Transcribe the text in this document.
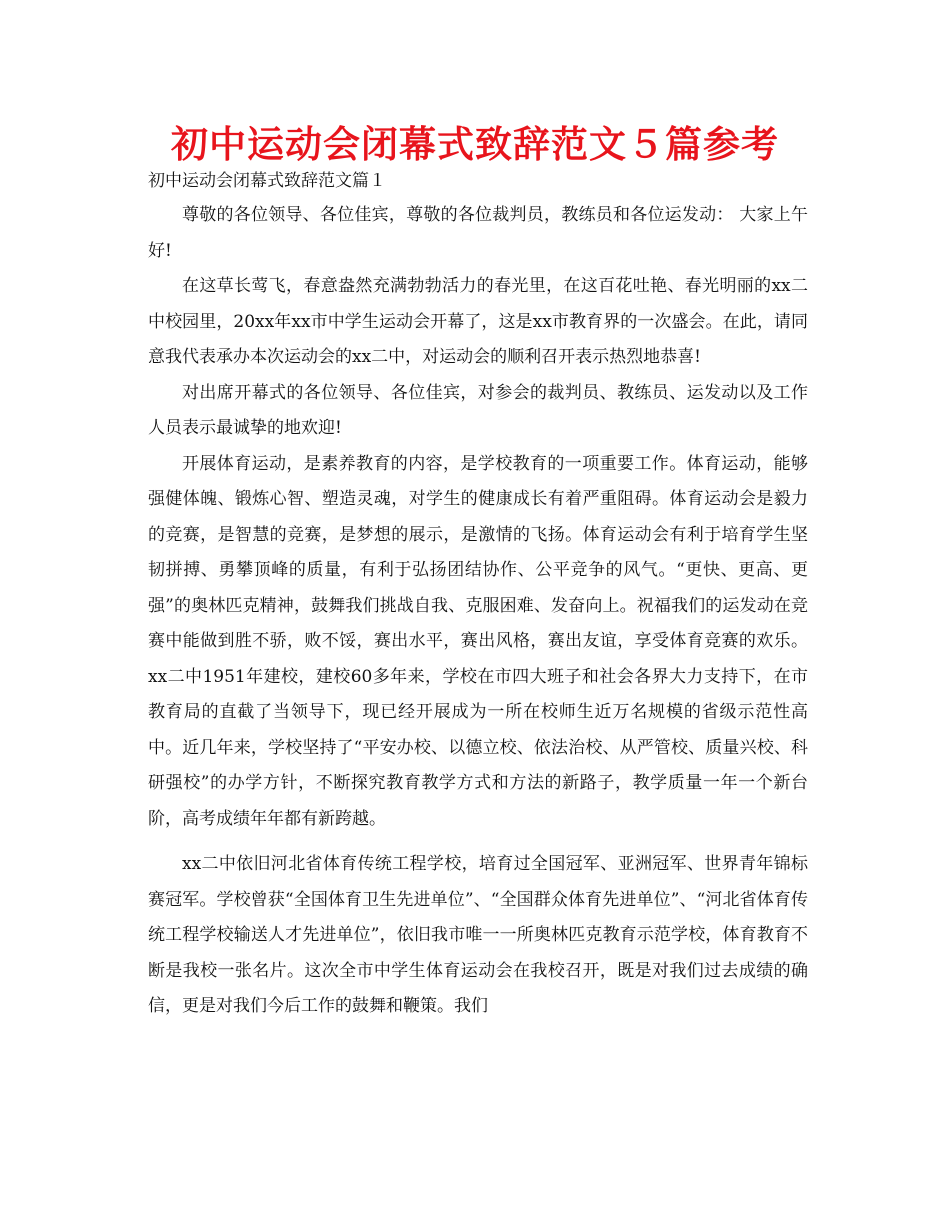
初中运动会闭幕式致辞范文５篇参考

初中运动会闭幕式致辞范文篇１

尊敬的各位领导、各位佳宾，尊敬的各位裁判员，教练员和各位运发动： 大家上午好!

在这草长莺飞，春意盎然充满勃勃活力的春光里，在这百花吐艳、春光明丽的xx二中校园里，20xx年xx市中学生运动会开幕了，这是xx市教育界的一次盛会。在此，请同意我代表承办本次运动会的xx二中，对运动会的顺利召开表示热烈地恭喜!

对出席开幕式的各位领导、各位佳宾，对参会的裁判员、教练员、运发动以及工作人员表示最诚挚的地欢迎!

开展体育运动，是素养教育的内容，是学校教育的一项重要工作。体育运动，能够强健体魄、锻炼心智、塑造灵魂，对学生的健康成长有着严重阻碍。体育运动会是毅力的竞赛，是智慧的竞赛，是梦想的展示，是激情的飞扬。体育运动会有利于培育学生坚韧拼搏、勇攀顶峰的质量，有利于弘扬团结协作、公平竞争的风气。“更快、更高、更强”的奥林匹克精神，鼓舞我们挑战自我、克服困难、发奋向上。祝福我们的运发动在竞赛中能做到胜不骄，败不馁，赛出水平，赛出风格，赛出友谊，享受体育竞赛的欢乐。 xx二中1951年建校，建校60多年来，学校在市四大班子和社会各界大力支持下，在市教育局的直截了当领导下，现已经开展成为一所在校师生近万名规模的省级示范性高中。近几年来，学校坚持了“平安办校、以德立校、依法治校、从严管校、质量兴校、科研强校”的办学方针，不断探究教育教学方式和方法的新路子，教学质量一年一个新台阶，高考成绩年年都有新跨越。

xx二中依旧河北省体育传统工程学校，培育过全国冠军、亚洲冠军、世界青年锦标赛冠军。学校曾获“全国体育卫生先进单位”、“全国群众体育先进单位”、“河北省体育传统工程学校输送人才先进单位”，依旧我市唯一一所奥林匹克教育示范学校，体育教育不断是我校一张名片。这次全市中学生体育运动会在我校召开，既是对我们过去成绩的确信，更是对我们今后工作的鼓舞和鞭策。我们
